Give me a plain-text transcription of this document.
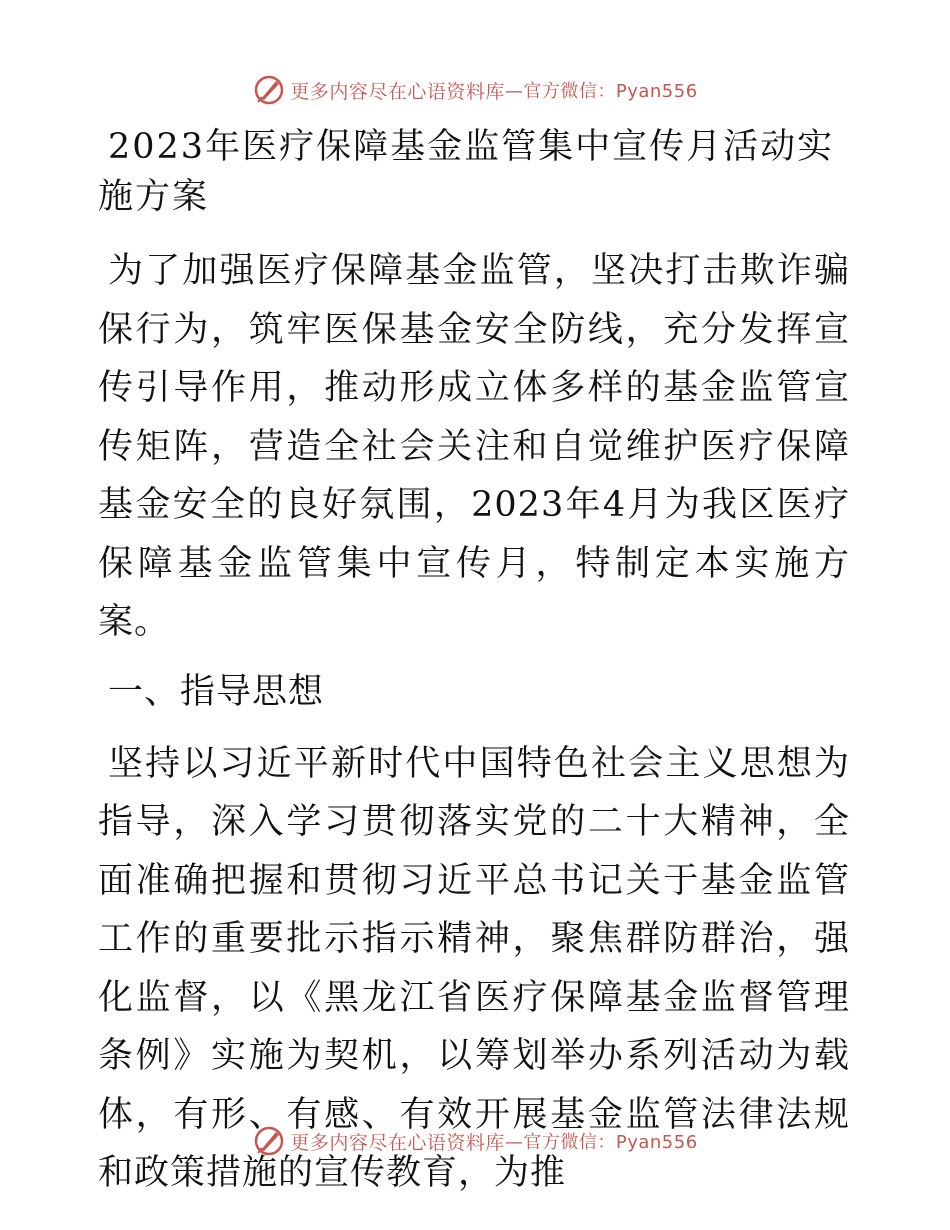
更多内容尽在心语资料库 —官方微信：Pyan556
2023年医疗保障基金监管集中宣传月活动实施方案

为了加强医疗保障基金监管，坚决打击欺诈骗保行为，筑牢医保基金安全防线，充分发挥宣传引导作用，推动形成立体多样的基金监管宣传矩阵，营造全社会关注和自觉维护医疗保障基金安全的良好氛围，2023年4月为我区医疗保障基金监管集中宣传月，特制定本实施方案。

一、指导思想

坚持以习近平新时代中国特色社会主义思想为指导，深入学习贯彻落实党的二十大精神，全面准确把握和贯彻习近平总书记关于基金监管工作的重要批示指示精神，聚焦群防群治，强化监督，以《黑龙江省医疗保障基金监督管理条例》实施为契机，以筹划举办系列活动为载体，有形、有感、有效开展基金监管法律法规和政策措施的宣传教育，为推

更多内容尽在心语资料库 —官方微信：Pyan556
